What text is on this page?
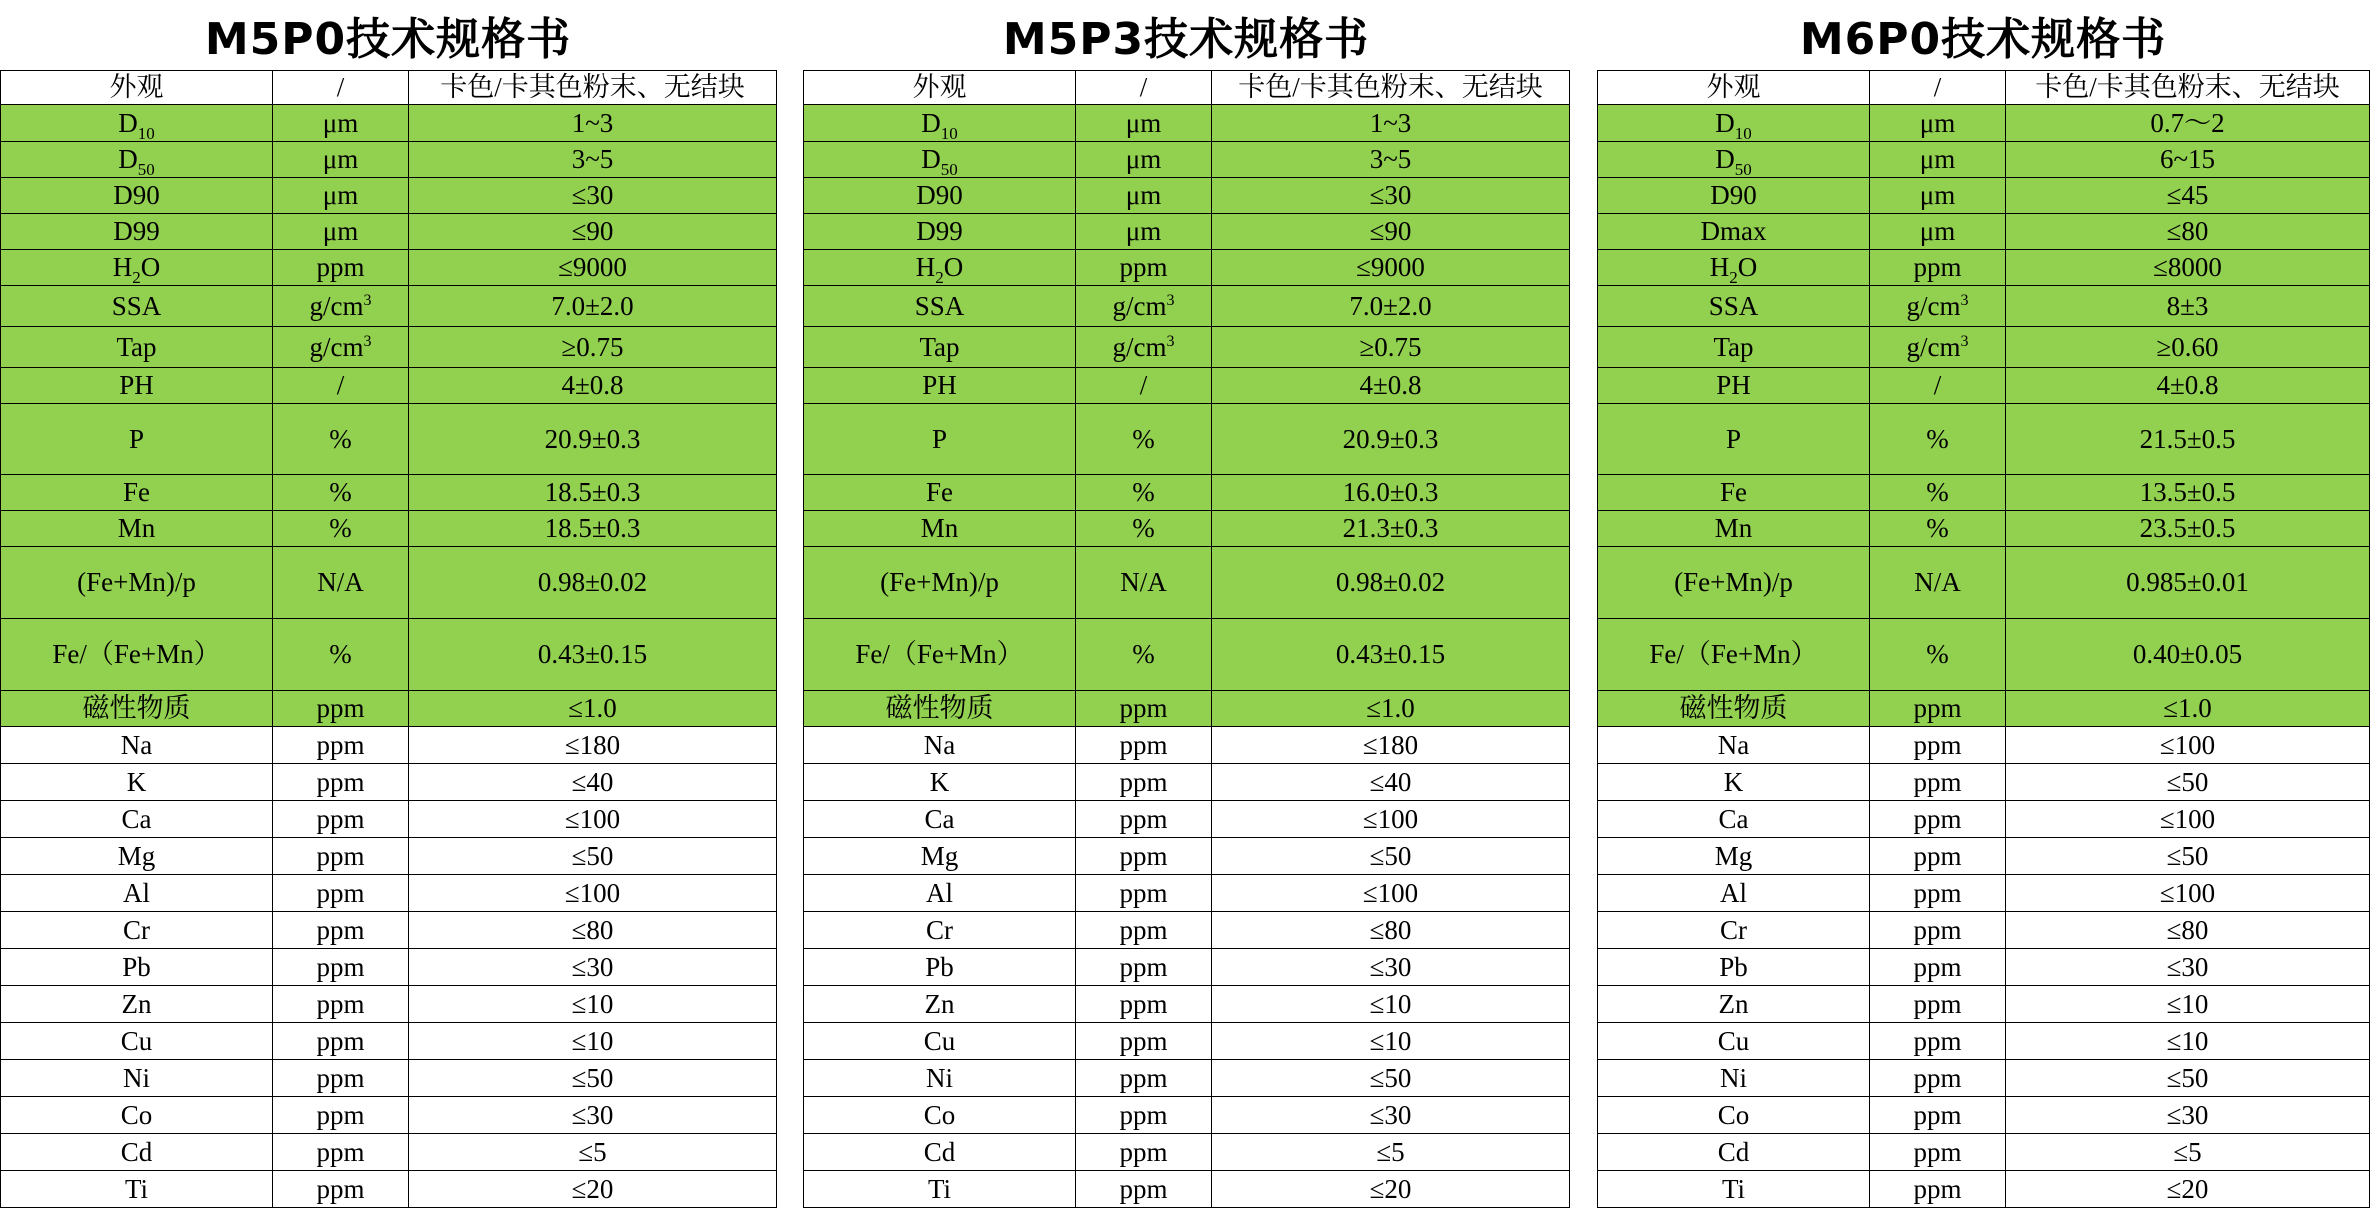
M5P0技术规格书
外观	/	卡色/卡其色粉末、无结块
$D_{10}$	μm	1~3
$D_{50}$	μm	3~5
D90	μm	≤30
D99	μm	≤90
$H_2O$	ppm	≤9000
SSA	$g/cm^3$	7.0±2.0
Tap	$g/cm^3$	≥0.75
PH	/	4±0.8
P	%	20.9±0.3
Fe	%	18.5±0.3
Mn	%	18.5±0.3
(Fe+Mn)/p	N/A	0.98±0.02
Fe/（Fe+Mn）	%	0.43±0.15
磁性物质	ppm	≤1.0
Na	ppm	≤180
K	ppm	≤40
Ca	ppm	≤100
Mg	ppm	≤50
Al	ppm	≤100
Cr	ppm	≤80
Pb	ppm	≤30
Zn	ppm	≤10
Cu	ppm	≤10
Ni	ppm	≤50
Co	ppm	≤30
Cd	ppm	≤5
Ti	ppm	≤20
M5P3技术规格书
外观	/	卡色/卡其色粉末、无结块
$D_{10}$	μm	1~3
$D_{50}$	μm	3~5
D90	μm	≤30
D99	μm	≤90
$H_2O$	ppm	≤9000
SSA	$g/cm^3$	7.0±2.0
Tap	$g/cm^3$	≥0.75
PH	/	4±0.8
P	%	20.9±0.3
Fe	%	16.0±0.3
Mn	%	21.3±0.3
(Fe+Mn)/p	N/A	0.98±0.02
Fe/（Fe+Mn）	%	0.43±0.15
磁性物质	ppm	≤1.0
Na	ppm	≤180
K	ppm	≤40
Ca	ppm	≤100
Mg	ppm	≤50
Al	ppm	≤100
Cr	ppm	≤80
Pb	ppm	≤30
Zn	ppm	≤10
Cu	ppm	≤10
Ni	ppm	≤50
Co	ppm	≤30
Cd	ppm	≤5
Ti	ppm	≤20
M6P0技术规格书
外观	/	卡色/卡其色粉末、无结块
$D_{10}$	μm	0.7～2
$D_{50}$	μm	6~15
D90	μm	≤45
Dmax	μm	≤80
$H_2O$	ppm	≤8000
SSA	$g/cm^3$	8±3
Tap	$g/cm^3$	≥0.60
PH	/	4±0.8
P	%	21.5±0.5
Fe	%	13.5±0.5
Mn	%	23.5±0.5
(Fe+Mn)/p	N/A	0.985±0.01
Fe/（Fe+Mn）	%	0.40±0.05
磁性物质	ppm	≤1.0
Na	ppm	≤100
K	ppm	≤50
Ca	ppm	≤100
Mg	ppm	≤50
Al	ppm	≤100
Cr	ppm	≤80
Pb	ppm	≤30
Zn	ppm	≤10
Cu	ppm	≤10
Ni	ppm	≤50
Co	ppm	≤30
Cd	ppm	≤5
Ti	ppm	≤20
